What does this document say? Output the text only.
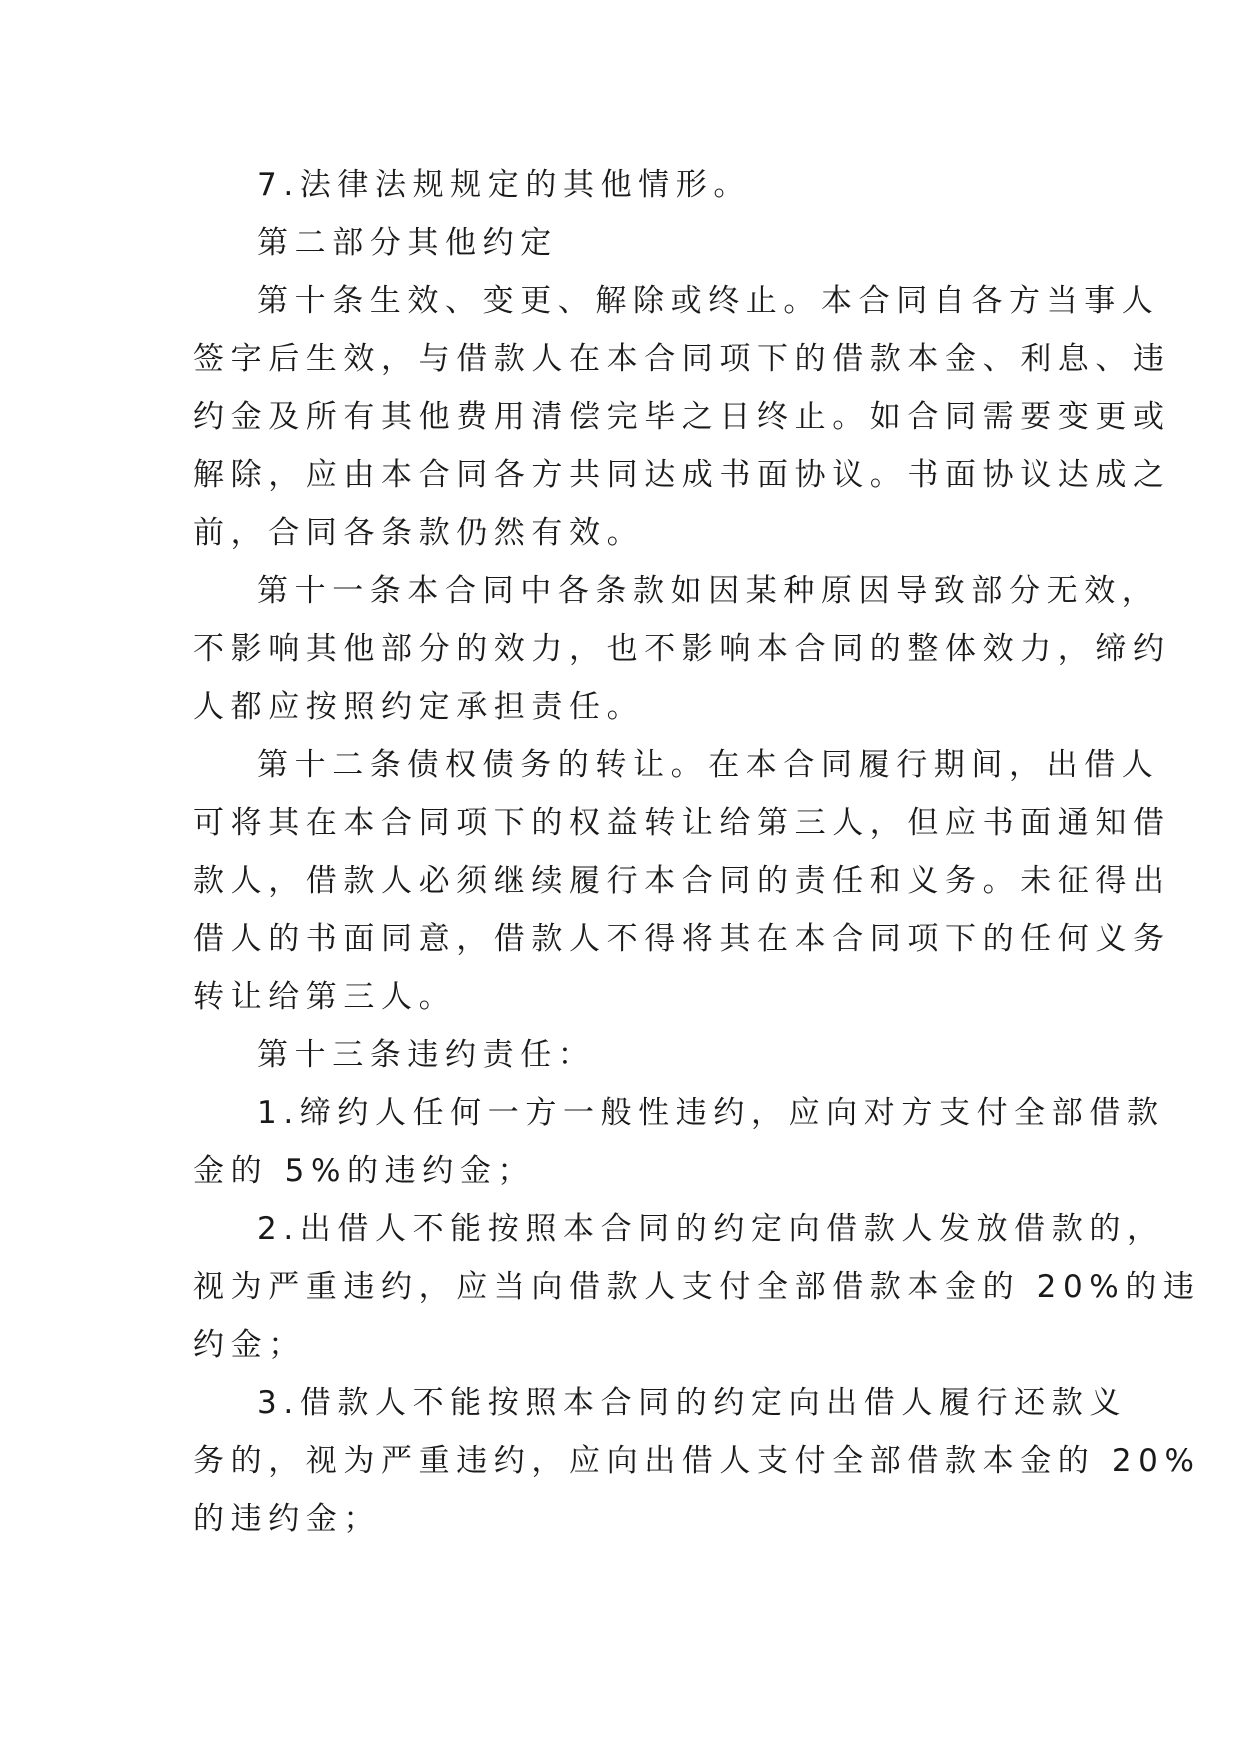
7.法律法规规定的其他情形。
第二部分其他约定
第十条生效、变更、解除或终止。本合同自各方当事人
签字后生效，与借款人在本合同项下的借款本金、利息、违
约金及所有其他费用清偿完毕之日终止。如合同需要变更或
解除，应由本合同各方共同达成书面协议。书面协议达成之
前，合同各条款仍然有效。
第十一条本合同中各条款如因某种原因导致部分无效，
不影响其他部分的效力，也不影响本合同的整体效力，缔约
人都应按照约定承担责任。
第十二条债权债务的转让。在本合同履行期间，出借人
可将其在本合同项下的权益转让给第三人，但应书面通知借
款人，借款人必须继续履行本合同的责任和义务。未征得出
借人的书面同意，借款人不得将其在本合同项下的任何义务
转让给第三人。
第十三条违约责任：
1.缔约人任何一方一般性违约，应向对方支付全部借款
金的 5%的违约金；
2.出借人不能按照本合同的约定向借款人发放借款的，
视为严重违约，应当向借款人支付全部借款本金的 20%的违
约金；
3.借款人不能按照本合同的约定向出借人履行还款义
务的，视为严重违约，应向出借人支付全部借款本金的 20%
的违约金；
